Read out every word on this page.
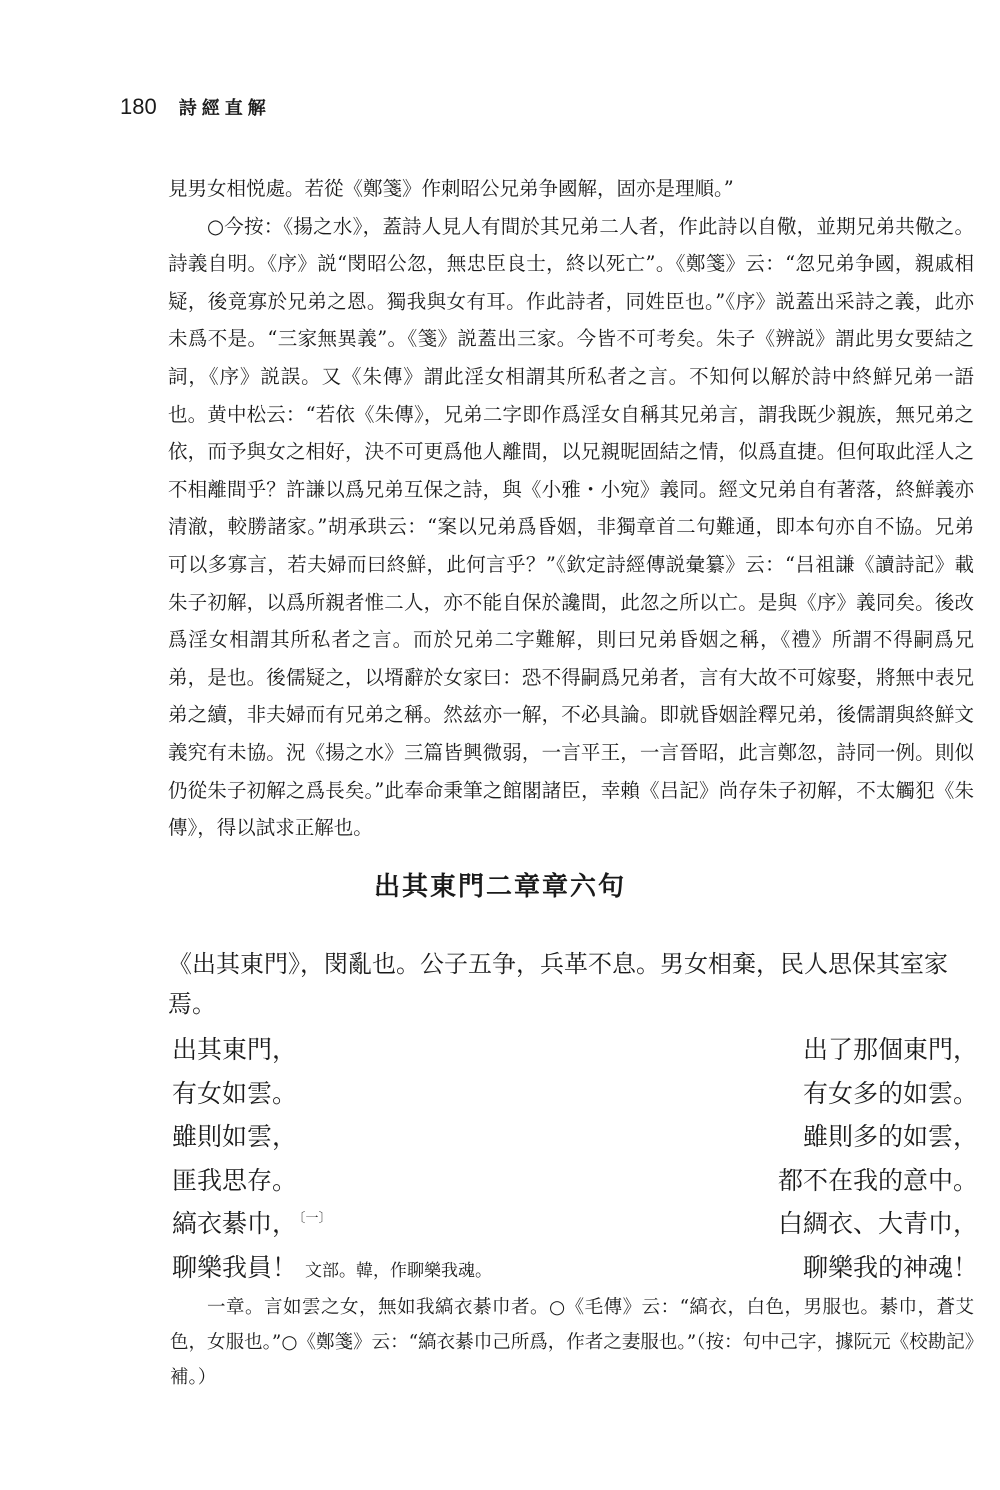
180 詩經直解

見男女相悦處。若從《鄭箋》作刺昭公兄弟争國解，固亦是理順。”

○今按：《揚之水》，蓋詩人見人有間於其兄弟二人者，作此詩以自儆，並期兄弟共儆之。詩義自明。《序》説“閔昭公忽，無忠臣良士，終以死亡”。《鄭箋》云：“忽兄弟争國，親戚相疑，後竟寡於兄弟之恩。獨我與女有耳。作此詩者，同姓臣也。”《序》説蓋出采詩之義，此亦未爲不是。“三家無異義”。《箋》説蓋出三家。今皆不可考矣。朱子《辨説》謂此男女要結之詞，《序》説誤。又《朱傳》謂此淫女相謂其所私者之言。不知何以解於詩中終鮮兄弟一語也。黄中松云：“若依《朱傳》，兄弟二字即作爲淫女自稱其兄弟言，謂我既少親族，無兄弟之依，而予與女之相好，決不可更爲他人離間，以兄親昵固結之情，似爲直捷。但何取此淫人之不相離間乎？許謙以爲兄弟互保之詩，與《小雅・小宛》義同。經文兄弟自有著落，終鮮義亦清澈，較勝諸家。”胡承珙云：“案以兄弟爲昏姻，非獨章首二句難通，即本句亦自不協。兄弟可以多寡言，若夫婦而曰終鮮，此何言乎？”《欽定詩經傳説彙纂》云：“吕祖謙《讀詩記》載朱子初解，以爲所親者惟二人，亦不能自保於讒間，此忽之所以亡。是與《序》義同矣。後改爲淫女相謂其所私者之言。而於兄弟二字難解，則曰兄弟昏姻之稱，《禮》所謂不得嗣爲兄弟，是也。後儒疑之，以壻辭於女家曰：恐不得嗣爲兄弟者，言有大故不可嫁娶，將無中表兄弟之續，非夫婦而有兄弟之稱。然兹亦一解，不必具論。即就昏姻詮釋兄弟，後儒謂與終鮮文義究有未協。況《揚之水》三篇皆興微弱，一言平王，一言晉昭，此言鄭忽，詩同一例。則似仍從朱子初解之爲長矣。”此奉命秉筆之館閣諸臣，幸賴《吕記》尚存朱子初解，不太觸犯《朱傳》，得以試求正解也。

出其東門二章章六句

《出其東門》，閔亂也。公子五争，兵革不息。男女相棄，民人思保其室家焉。

出其東門，	出了那個東門，
有女如雲。	有女多的如雲。
雖則如雲，	雖則多的如雲，
匪我思存。	都不在我的意中。
縞衣綦巾， $^{〔一〕}$	白綢衣、大青巾，
聊樂我員！ 文部。韓，作聊樂我魂。	聊樂我的神魂！

一章。言如雲之女，無如我縞衣綦巾者。○《毛傳》云：“縞衣，白色，男服也。綦巾，蒼艾色，女服也。”○《鄭箋》云：“縞衣綦巾己所爲，作者之妻服也。”（按：句中己字，據阮元《校勘記》補。）
